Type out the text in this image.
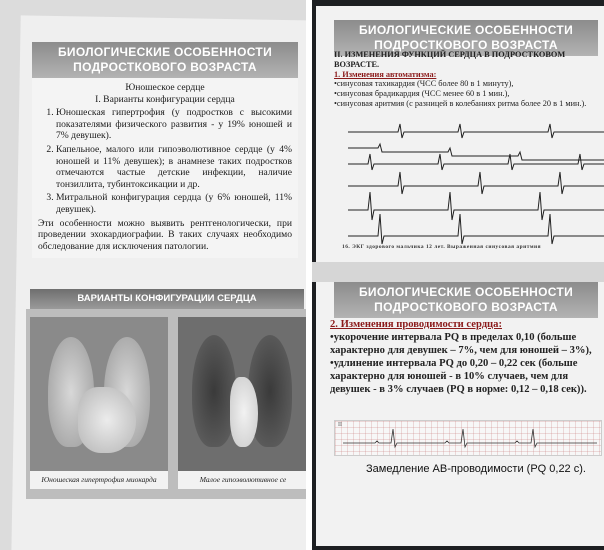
БИОЛОГИЧЕСКИЕ ОСОБЕННОСТИ ПОДРОСТКОВОГО ВОЗРАСТА
Юношеское сердце
I. Варианты конфигурации сердца
1. Юношеская гипертрофия (у подростков с высокими показателями физического развития - у 19% юношей и 7% девушек).
2. Капельное, малого или гипоэволютивное сердце (у 4% юношей и 11% девушек); в анамнезе таких подростков отмечаются частые детские инфекции, наличие тонзиллита, тубинтоксикации и др.
3. Митральной конфигурация сердца (у 6% юношей, 11% девушек).

Эти особенности можно выявить рентгенологически, при проведении эхокардиографии. В таких случаях необходимо обследование для исключения патологии.

ВАРИАНТЫ КОНФИГУРАЦИИ СЕРДЦА
Юношеская гипертрофия миокарда	Малое гипоэволютивное се
БИОЛОГИЧЕСКИЕ ОСОБЕННОСТИ ПОДРОСТКОВОГО ВОЗРАСТА
II. ИЗМЕНЕНИЯ ФУНКЦИЙ СЕРДЦА В ПОДРОСТКОВОМ ВОЗРАСТЕ.
1. Изменения автоматизма:
•синусовая тахикардия (ЧСС более 80 в 1 минуту),
•синусовая брадикардия (ЧСС менее 60 в 1 мин.),
•синусовая аритмия (с разницей в колебаниях ритма более 20 в 1 мин.).
16. ЭКГ здорового мальчика 12 лет. Выраженная синусовая аритмия
БИОЛОГИЧЕСКИЕ ОСОБЕННОСТИ ПОДРОСТКОВОГО ВОЗРАСТА
2. Изменения проводимости сердца:
•укорочение интервала PQ в пределах 0,10 (больше
характерно для девушек – 7%, чем для юношей – 3%),
•удлинение интервала PQ до 0,20 – 0,22 сек (больше
характерно для юношей - в 10% случаев, чем для
девушек - в 3% случаев (PQ в норме: 0,12 – 0,18 сек)).
II
Замедление АВ-проводимости (PQ 0,22 с).
